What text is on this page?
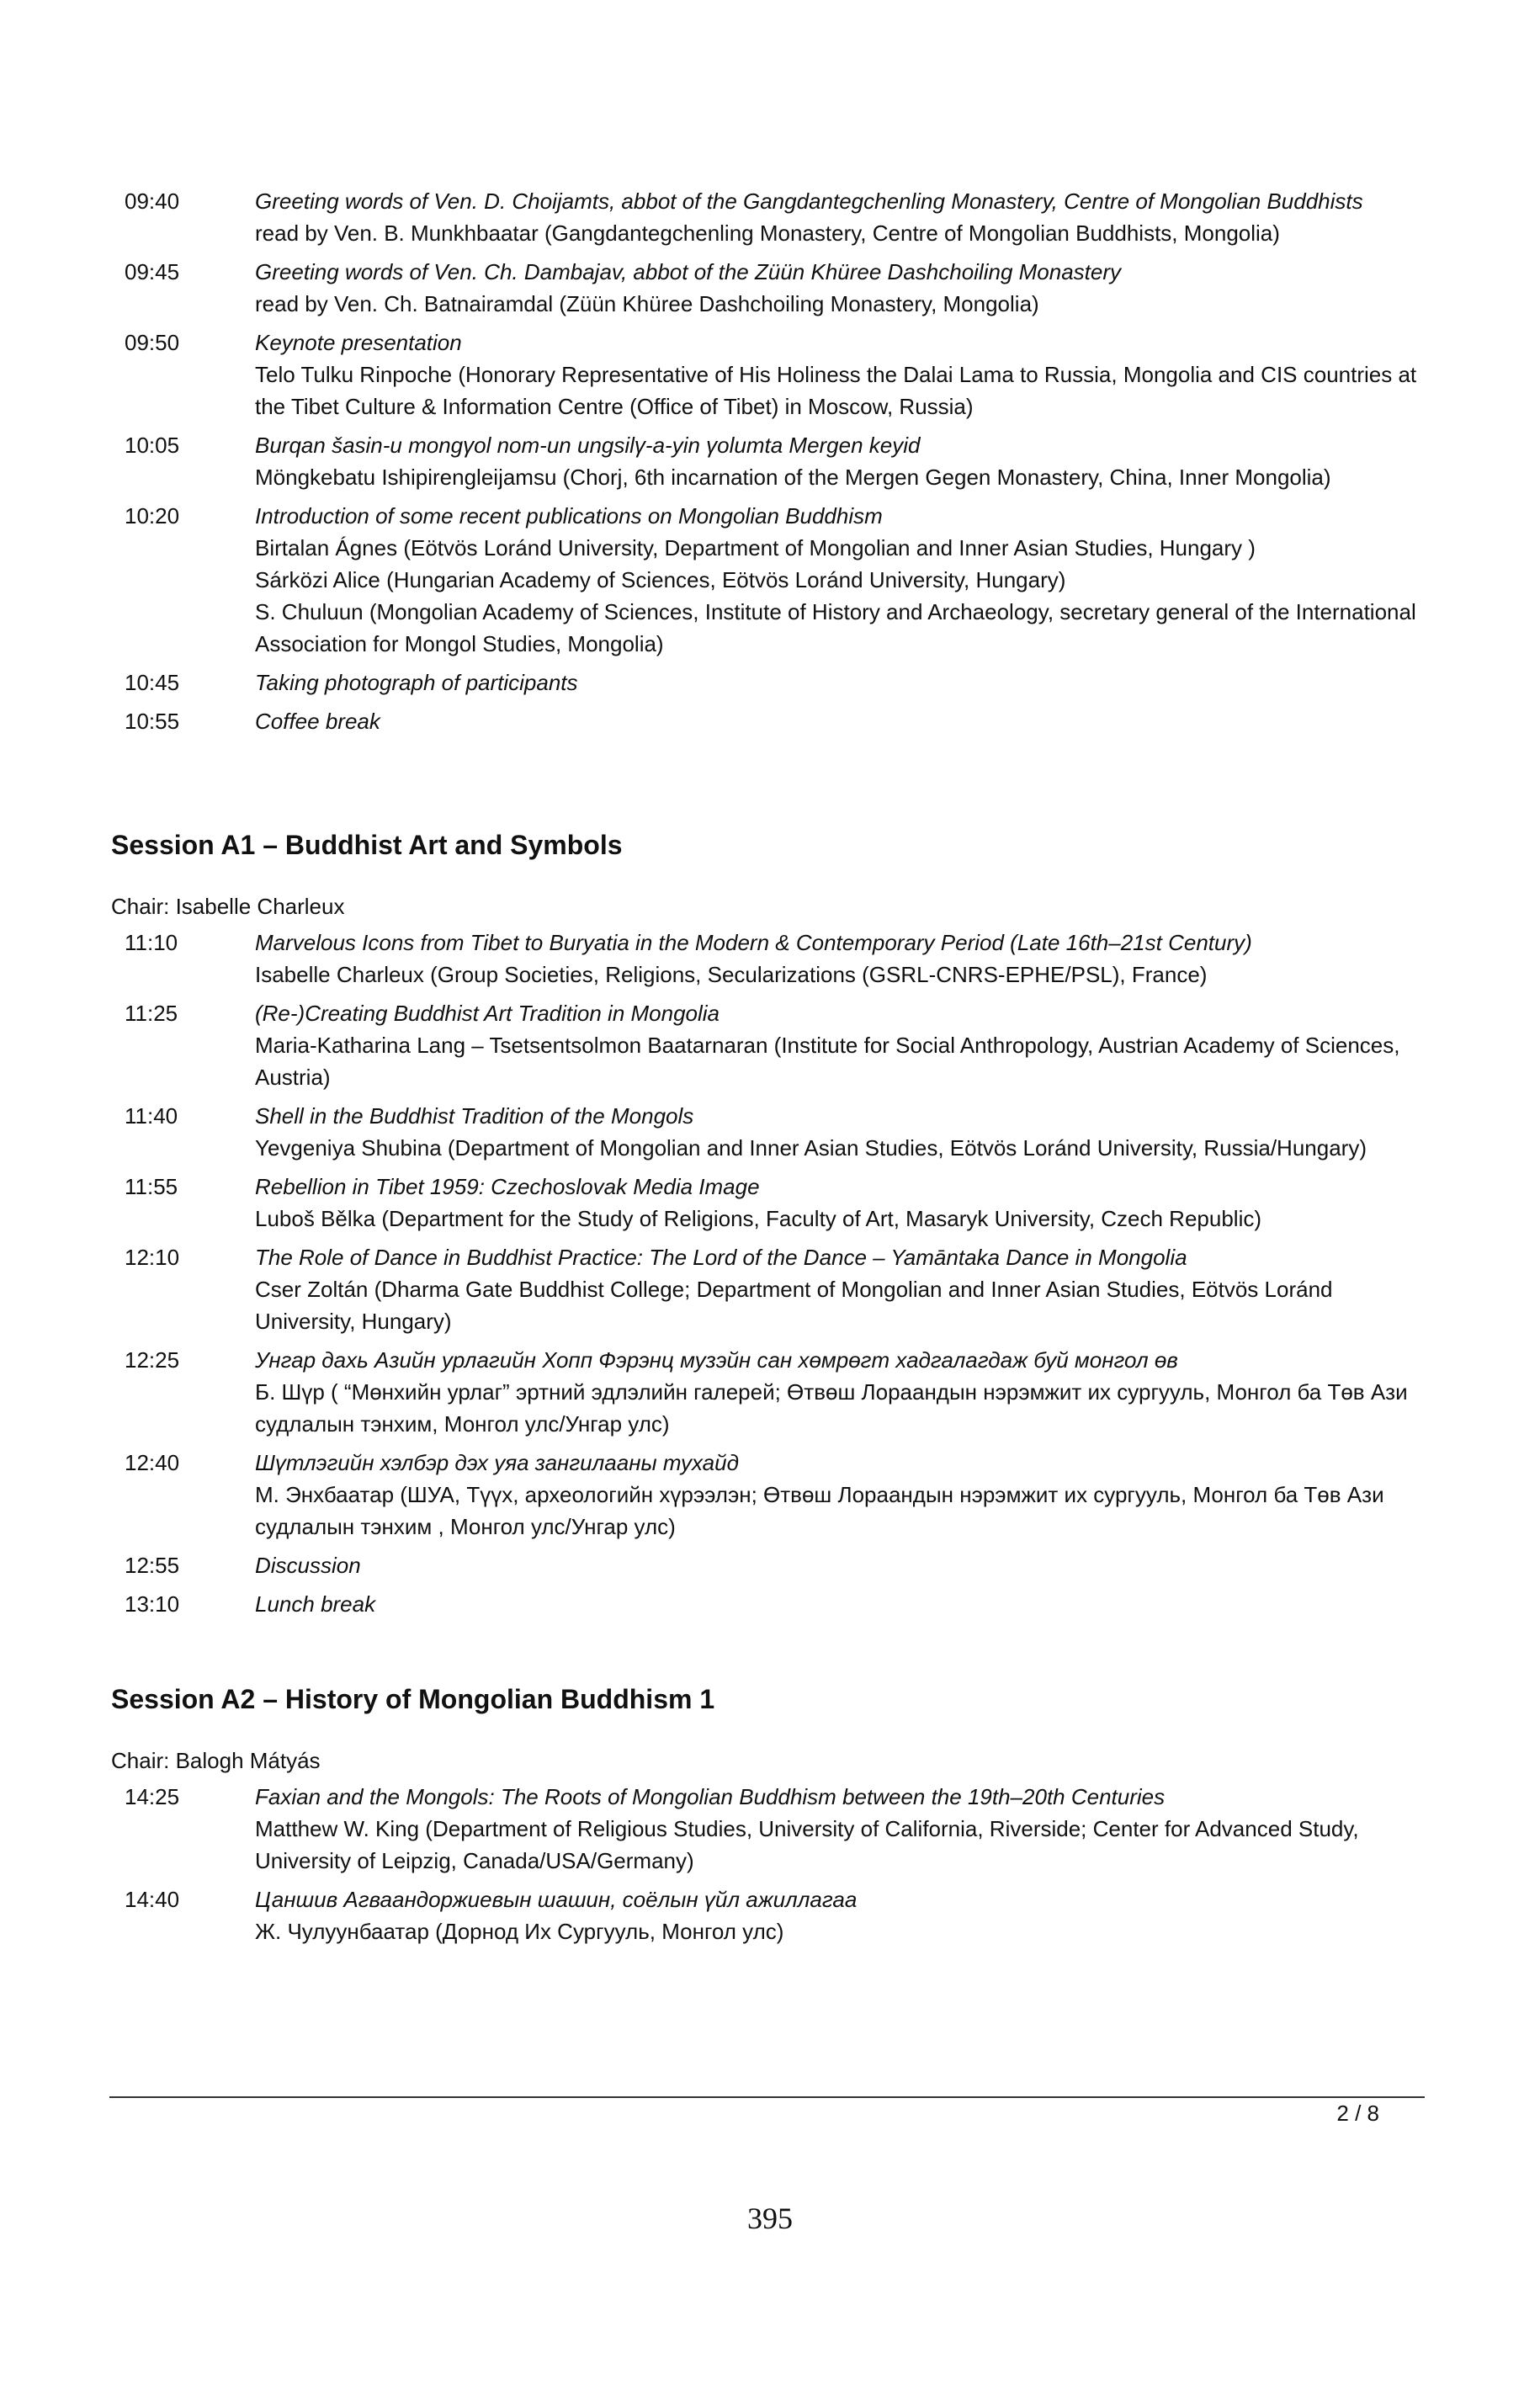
09:40	Greeting words of Ven. D. Choijamts, abbot of the Gangdantegchenling Monastery, Centre of Mongolian Buddhists
read by Ven. B. Munkhbaatar (Gangdantegchenling Monastery, Centre of Mongolian Buddhists, Mongolia)
09:45	Greeting words of Ven. Ch. Dambajav, abbot of the Züün Khüree Dashchoiling Monastery
read by Ven. Ch. Batnairamdal (Züün Khüree Dashchoiling Monastery, Mongolia)
09:50	Keynote presentation
Telo Tulku Rinpoche (Honorary Representative of His Holiness the Dalai Lama to Russia, Mongolia and CIS countries at the Tibet Culture & Information Centre (Office of Tibet) in Moscow, Russia)
10:05	Burqan šasin-u mongγol nom-un ungsilγ-a-yin γolumta Mergen keyid
Möngkebatu Ishipirengleijamsu (Chorj, 6th incarnation of the Mergen Gegen Monastery, China, Inner Mongolia)
10:20	Introduction of some recent publications on Mongolian Buddhism
Birtalan Ágnes (Eötvös Loránd University, Department of Mongolian and Inner Asian Studies, Hungary )
Sárközi Alice (Hungarian Academy of Sciences, Eötvös Loránd University, Hungary)
S. Chuluun (Mongolian Academy of Sciences, Institute of History and Archaeology, secretary general of the International Association for Mongol Studies, Mongolia)
10:45	Taking photograph of participants
10:55	Coffee break
Session A1 – Buddhist Art and Symbols
Chair: Isabelle Charleux
11:10	Marvelous Icons from Tibet to Buryatia in the Modern & Contemporary Period (Late 16th–21st Century)
Isabelle Charleux (Group Societies, Religions, Secularizations (GSRL-CNRS-EPHE/PSL), France)
11:25	(Re-)Creating Buddhist Art Tradition in Mongolia
Maria-Katharina Lang – Tsetsentsolmon Baatarnaran (Institute for Social Anthropology, Austrian Academy of Sciences, Austria)
11:40	Shell in the Buddhist Tradition of the Mongols
Yevgeniya Shubina (Department of Mongolian and Inner Asian Studies, Eötvös Loránd University, Russia/Hungary)
11:55	Rebellion in Tibet 1959: Czechoslovak Media Image
Luboš Bělka (Department for the Study of Religions, Faculty of Art, Masaryk University, Czech Republic)
12:10	The Role of Dance in Buddhist Practice: The Lord of the Dance – Yamāntaka Dance in Mongolia
Cser Zoltán (Dharma Gate Buddhist College; Department of Mongolian and Inner Asian Studies, Eötvös Loránd University, Hungary)
12:25	Унгар дахь Азийн урлагийн Хопп Фэрэнц музэйн сан хөмрөгт хадгалагдаж буй монгол өв
Б. Шүр ( “Мөнхийн урлаг” эртний эдлэлийн галерей; Өтвөш Лораандын нэрэмжит их сургууль, Монгол ба Төв Ази судлалын тэнхим, Монгол улс/Унгар улс)
12:40	Шүтлэгийн хэлбэр дэх уяа зангилааны тухайд
М. Энхбаатар (ШУА, Түүх, археологийн хүрээлэн; Өтвөш Лораандын нэрэмжит их сургууль, Монгол ба Төв Ази судлалын тэнхим , Монгол улс/Унгар улс)
12:55	Discussion
13:10	Lunch break
Session A2 – History of Mongolian Buddhism 1
Chair: Balogh Mátyás
14:25	Faxian and the Mongols: The Roots of Mongolian Buddhism between the 19th–20th Centuries
Matthew W. King (Department of Religious Studies, University of California, Riverside; Center for Advanced Study, University of Leipzig, Canada/USA/Germany)
14:40	Цаншив Агваандоржиевын шашин, соёлын үйл ажиллагаа
Ж. Чулуунбаатар (Дорнод Их Сургууль, Монгол улс)
2 / 8
395
